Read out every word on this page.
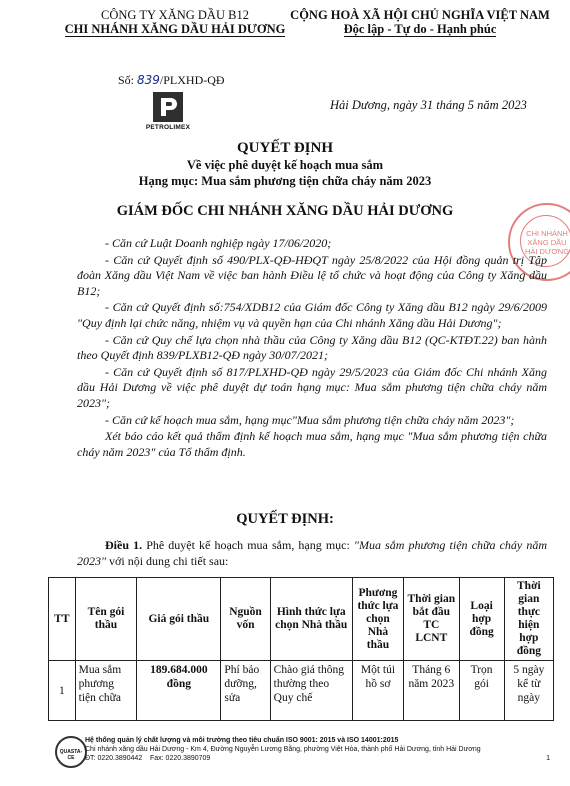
CÔNG TY XĂNG DẦU B12
CHI NHÁNH XĂNG DẦU HẢI DƯƠNG
CỘNG HOÀ XÃ HỘI CHỦ NGHĨA VIỆT NAM
Độc lập - Tự do - Hạnh phúc
Số: 839/PLXHD-QĐ
PETROLIMEX
Hải Dương, ngày 31 tháng 5 năm 2023
QUYẾT ĐỊNH
Về việc phê duyệt kế hoạch mua sắm
Hạng mục: Mua sắm phương tiện chữa cháy năm 2023
GIÁM ĐỐC CHI NHÁNH XĂNG DẦU HẢI DƯƠNG
CHI NHÁNH
XĂNG DẦU
HẢI DƯƠNG

- Căn cứ Luật Doanh nghiệp ngày 17/06/2020;

- Căn cứ Quyết định số 490/PLX-QĐ-HĐQT ngày 25/8/2022 của Hội đồng quản trị Tập đoàn Xăng dầu Việt Nam về việc ban hành Điều lệ tổ chức và hoạt động của Công ty Xăng dầu B12;

- Căn cứ Quyết định số:754/XDB12 của Giám đốc Công ty Xăng dầu B12 ngày 29/6/2009 "Quy định lại chức năng, nhiệm vụ và quyền hạn của Chi nhánh Xăng dầu Hải Dương";

- Căn cứ Quy chế lựa chọn nhà thầu của Công ty Xăng dầu B12 (QC-KTĐT.22) ban hành theo Quyết định 839/PLXB12-QĐ ngày 30/07/2021;

- Căn cứ Quyết định số 817/PLXHD-QĐ ngày 29/5/2023 của Giám đốc Chi nhánh Xăng dầu Hải Dương về việc phê duyệt dự toán hạng mục: Mua sắm phương tiện chữa cháy năm 2023";

- Căn cứ kế hoạch mua sắm, hạng mục"Mua sắm phương tiện chữa cháy năm 2023";

Xét báo cáo kết quả thẩm định kế hoạch mua sắm, hạng mục "Mua sắm phương tiện chữa cháy năm 2023" của Tổ thẩm định.

QUYẾT ĐỊNH:
Điều 1. Phê duyệt kế hoạch mua sắm, hạng mục: "Mua sắm phương tiện chữa cháy năm 2023" với nội dung chi tiết sau:
TT	Tên gói thầu	Giá gói thầu	Nguồn vốn	Hình thức lựa chọn Nhà thầu	Phương thức lựa chọn Nhà thầu	Thời gian bắt đầu TC LCNT	Loại hợp đồng	Thời gian thực hiện hợp đồng
1	Mua sắm phương tiện chữa	189.684.000 đồng	Phí bảo dưỡng, sửa	Chào giá thông thường theo Quy chế	Một túi hồ sơ	Tháng 6 năm 2023	Trọn gói	5 ngày kể từ ngày
QUASTA-CE
Hệ thống quản lý chất lượng và môi trường theo tiêu chuẩn ISO 9001: 2015 và ISO 14001:2015
Chi nhánh xăng dầu Hải Dương - Km 4, Đường Nguyễn Lương Bằng, phường Việt Hòa, thành phố Hải Dương, tỉnh Hải Dương
ĐT: 0220.3890442 Fax: 0220.3890709	1
